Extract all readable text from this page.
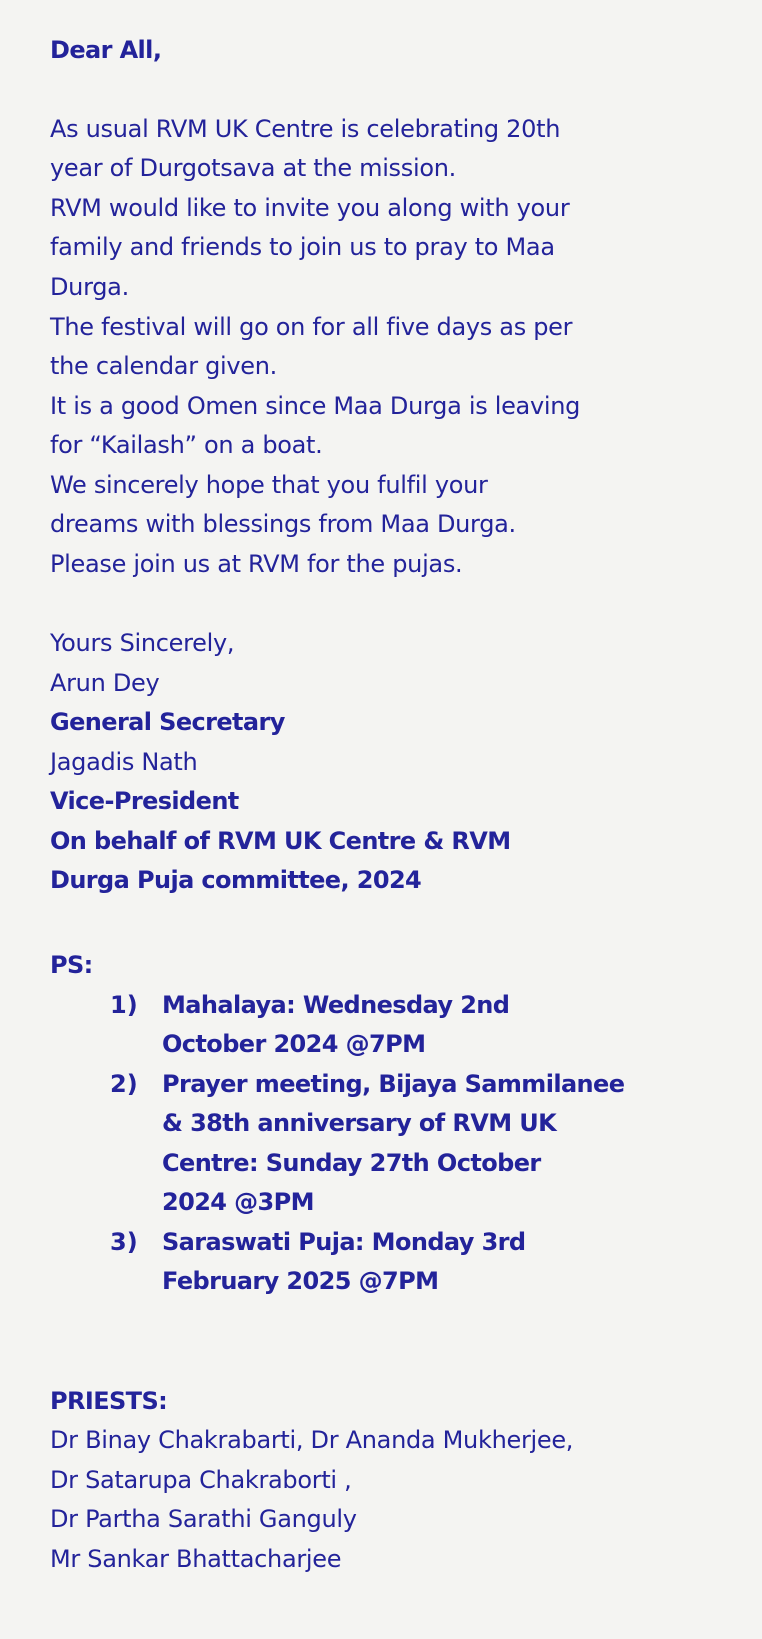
Dear All,

As usual RVM UK Centre is celebrating 20th

year of Durgotsava at the mission.

RVM would like to invite you along with your

family and friends to join us to pray to Maa

Durga.

The festival will go on for all five days as per

the calendar given.

It is a good Omen since Maa Durga is leaving

for “Kailash” on a boat.

We sincerely hope that you fulfil your

dreams with blessings from Maa Durga.

Please join us at RVM for the pujas.

Yours Sincerely,

Arun Dey

General Secretary

Jagadis Nath

Vice-President

On behalf of RVM UK Centre & RVM

Durga Puja committee, 2024

PS:

1) Mahalaya: Wednesday 2nd

October 2024 @7PM

2) Prayer meeting, Bijaya Sammilanee

& 38th anniversary of RVM UK

Centre: Sunday 27th October

2024 @3PM

3) Saraswati Puja: Monday 3rd

February 2025 @7PM

PRIESTS:

Dr Binay Chakrabarti, Dr Ananda Mukherjee,

Dr Satarupa Chakraborti ,

Dr Partha Sarathi Ganguly

Mr Sankar Bhattacharjee
